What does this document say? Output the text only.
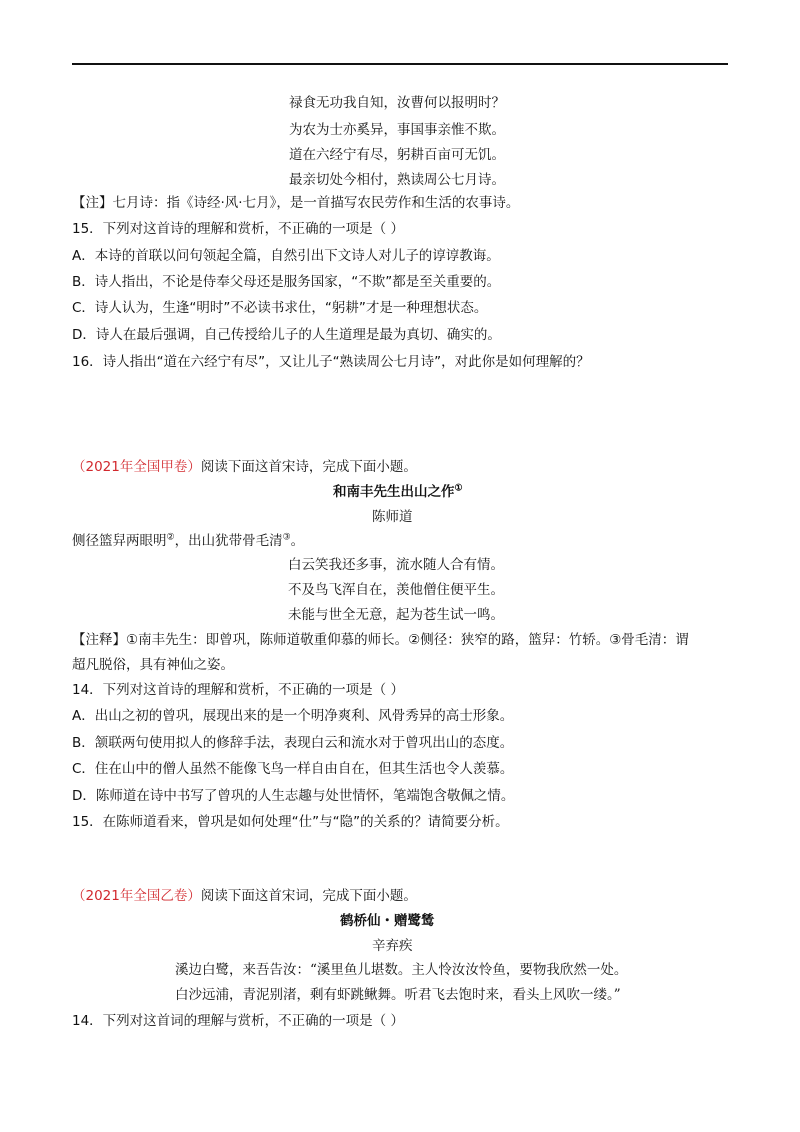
禄食无功我自知，汝曹何以报明时？
为农为士亦奚异，事国事亲惟不欺。
道在六经宁有尽，躬耕百亩可无饥。
最亲切处今相付，熟读周公七月诗。
【注】七月诗：指《诗经·风·七月》，是一首描写农民劳作和生活的农事诗。
15．下列对这首诗的理解和赏析，不正确的一项是（ ）
A．本诗的首联以问句领起全篇，自然引出下文诗人对儿子的谆谆教诲。
B．诗人指出，不论是侍奉父母还是服务国家，“不欺”都是至关重要的。
C．诗人认为，生逢“明时”不必读书求仕，“躬耕”才是一种理想状态。
D．诗人在最后强调，自己传授给儿子的人生道理是最为真切、确实的。
16．诗人指出“道在六经宁有尽”，又让儿子“熟读周公七月诗”，对此你是如何理解的？
（2021年全国甲卷）阅读下面这首宋诗，完成下面小题。
和南丰先生出山之作①
陈师道
侧径篮舁两眼明②，出山犹带骨毛清③。
白云笑我还多事，流水随人合有情。
不及鸟飞浑自在，羡他僧住便平生。
未能与世全无意，起为苍生试一鸣。
【注释】①南丰先生：即曾巩，陈师道敬重仰慕的师长。②侧径：狭窄的路，篮舁：竹轿。③骨毛清：谓
超凡脱俗，具有神仙之姿。
14．下列对这首诗的理解和赏析，不正确的一项是（ ）
A．出山之初的曾巩，展现出来的是一个明净爽利、风骨秀异的高士形象。
B．颔联两句使用拟人的修辞手法，表现白云和流水对于曾巩出山的态度。
C．住在山中的僧人虽然不能像飞鸟一样自由自在，但其生活也令人羡慕。
D．陈师道在诗中书写了曾巩的人生志趣与处世情怀，笔端饱含敬佩之情。
15．在陈师道看来，曾巩是如何处理“仕”与“隐”的关系的？请简要分析。
（2021年全国乙卷）阅读下面这首宋词，完成下面小题。
鹤桥仙・赠鹭鸶
辛弃疾
溪边白鹭，来吾告汝：“溪里鱼儿堪数。主人怜汝汝怜鱼，要物我欣然一处。
白沙远浦，青泥别渚，剩有虾跳鳅舞。听君飞去饱时来，看头上风吹一缕。”
14．下列对这首词的理解与赏析，不正确的一项是（ ）
